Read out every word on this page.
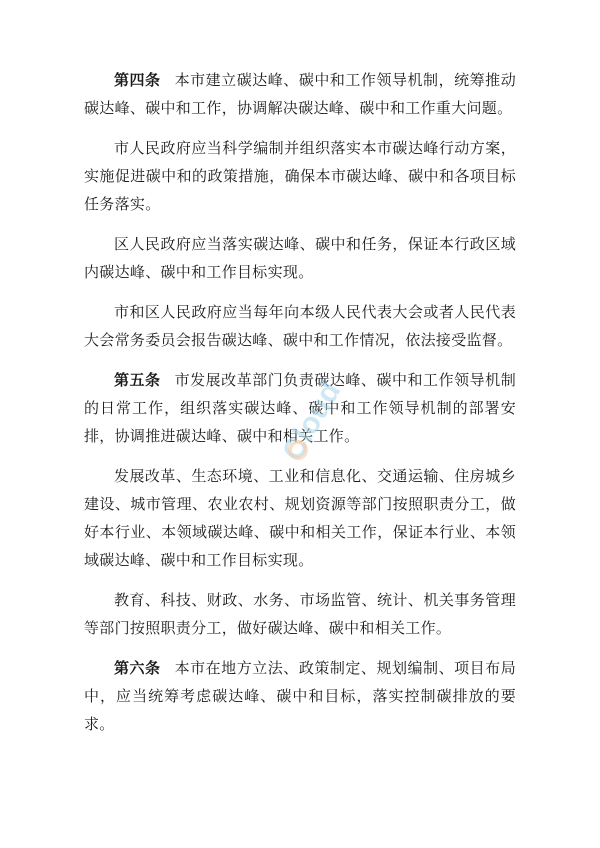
第四条 本市建立碳达峰、碳中和工作领导机制，统筹推动碳达峰、碳中和工作，协调解决碳达峰、碳中和工作重大问题。

市人民政府应当科学编制并组织落实本市碳达峰行动方案，实施促进碳中和的政策措施，确保本市碳达峰、碳中和各项目标任务落实。

区人民政府应当落实碳达峰、碳中和任务，保证本行政区域内碳达峰、碳中和工作目标实现。

市和区人民政府应当每年向本级人民代表大会或者人民代表大会常务委员会报告碳达峰、碳中和工作情况，依法接受监督。

第五条 市发展改革部门负责碳达峰、碳中和工作领导机制的日常工作，组织落实碳达峰、碳中和工作领导机制的部署安排，协调推进碳达峰、碳中和相关工作。

发展改革、生态环境、工业和信息化、交通运输、住房城乡建设、城市管理、农业农村、规划资源等部门按照职责分工，做好本行业、本领域碳达峰、碳中和相关工作，保证本行业、本领域碳达峰、碳中和工作目标实现。

教育、科技、财政、水务、市场监管、统计、机关事务管理等部门按照职责分工，做好碳达峰、碳中和相关工作。

第六条 本市在地方立法、政策制定、规划编制、项目布局中，应当统筹考虑碳达峰、碳中和目标，落实控制碳排放的要求。

Cloud
